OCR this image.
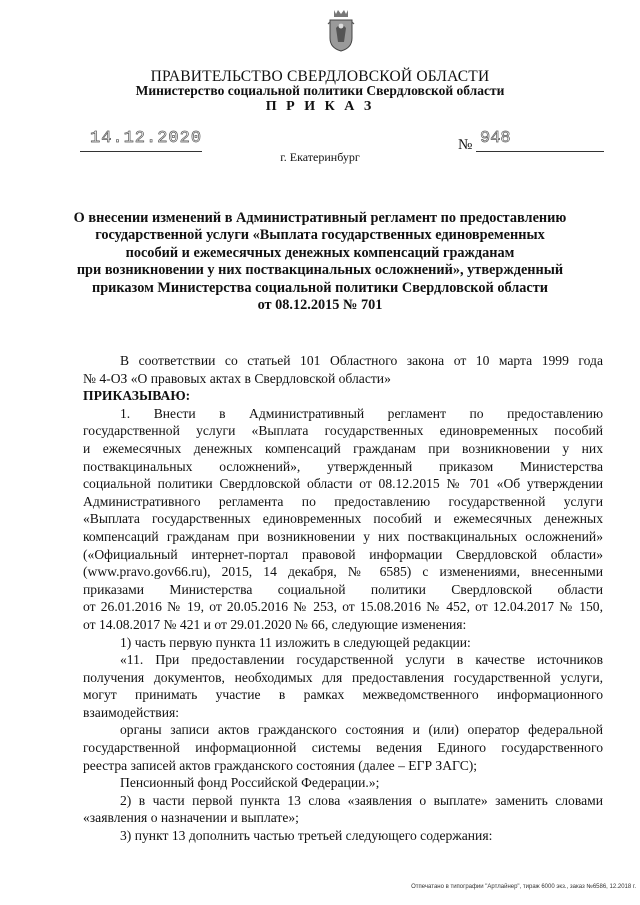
ПРАВИТЕЛЬСТВО СВЕРДЛОВСКОЙ ОБЛАСТИ
Министерство социальной политики Свердловской области
П Р И К А З
14.12.2020	№ 948
г. Екатеринбург
О внесении изменений в Административный регламент по предоставлению
государственной услуги «Выплата государственных единовременных
пособий и ежемесячных денежных компенсаций гражданам
при возникновении у них поствакцинальных осложнений», утвержденный
приказом Министерства социальной политики Свердловской области
от 08.12.2015 № 701

В соответствии со статьей 101 Областного закона от 10 марта 1999 года

№ 4-ОЗ «О правовых актах в Свердловской области»

ПРИКАЗЫВАЮ:

1. Внести в Административный регламент по предоставлению

государственной услуги «Выплата государственных единовременных пособий

и ежемесячных денежных компенсаций гражданам при возникновении у них

поствакцинальных осложнений», утвержденный приказом Министерства

социальной политики Свердловской области от 08.12.2015 № 701 «Об утверждении

Административного регламента по предоставлению государственной услуги

«Выплата государственных единовременных пособий и ежемесячных денежных

компенсаций гражданам при возникновении у них поствакцинальных осложнений»

(«Официальный интернет-портал правовой информации Свердловской области»

(www.pravo.gov66.ru), 2015, 14 декабря, № 6585) с изменениями, внесенными

приказами Министерства социальной политики Свердловской области

от 26.01.2016 № 19, от 20.05.2016 № 253, от 15.08.2016 № 452, от 12.04.2017 № 150,

от 14.08.2017 № 421 и от 29.01.2020 № 66, следующие изменения:

1) часть первую пункта 11 изложить в следующей редакции:

«11. При предоставлении государственной услуги в качестве источников

получения документов, необходимых для предоставления государственной услуги,

могут принимать участие в рамках межведомственного информационного

взаимодействия:

органы записи актов гражданского состояния и (или) оператор федеральной

государственной информационной системы ведения Единого государственного

реестра записей актов гражданского состояния (далее – ЕГР ЗАГС);

Пенсионный фонд Российской Федерации.»;

2) в части первой пункта 13 слова «заявления о выплате» заменить словами

«заявления о назначении и выплате»;

3) пункт 13 дополнить частью третьей следующего содержания:

Отпечатано в типографии "Артлайнер", тираж 6000 экз., заказ №6586, 12.2018 г.
